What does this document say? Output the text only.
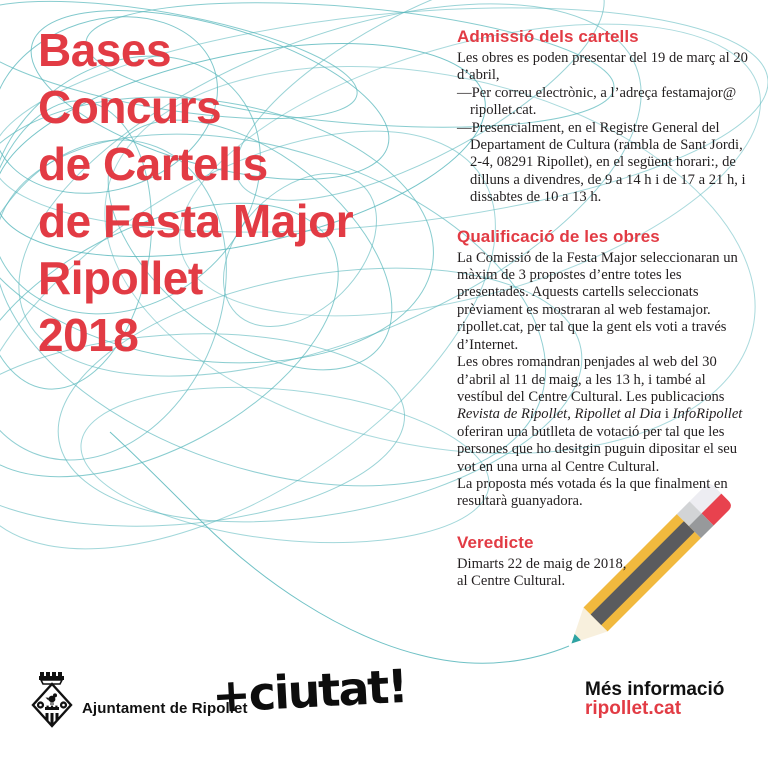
Bases
Concurs
de Cartells
de Festa Major
Ripollet
2018
Admissió dels cartells

Les obres es poden presentar del 19 de març al 20 d’abril,

—Per correu electrònic, a l’adreça festamajor@​ripollet.cat.

—Presencialment, en el Registre General del Departament de Cultura (rambla de Sant Jordi, 2-4, 08291 Ripollet), en el següent horari:, de dilluns a divendres, de 9 a 14 h i de 17 a 21 h, i dissabtes de 10 a 13 h.

Qualificació de les obres

La Comissió de la Festa Major seleccionaran un màxim de 3 propostes d’entre totes les presentades. Aquests cartells seleccionats prèviament es mostraran al web festamajor.​ripollet.cat, per tal que la gent els voti a través d’Internet.

Les obres romandran penjades al web del 30 d’abril al 11 de maig, a les 13 h, i també al vestíbul del Centre Cultural. Les publicacions Revista de Ripollet, Ripollet al Dia i InfoRipollet oferiran una butlleta de votació per tal que les persones que ho desitgin puguin dipositar el seu vot en una urna al Centre Cultural.

La proposta més votada és la que finalment en resultarà guanyadora.

Veredicte

Dimarts 22 de maig de 2018,

al Centre Cultural.

Ajuntament de Ripollet
+ciutat!	Més informació
ripollet.cat
